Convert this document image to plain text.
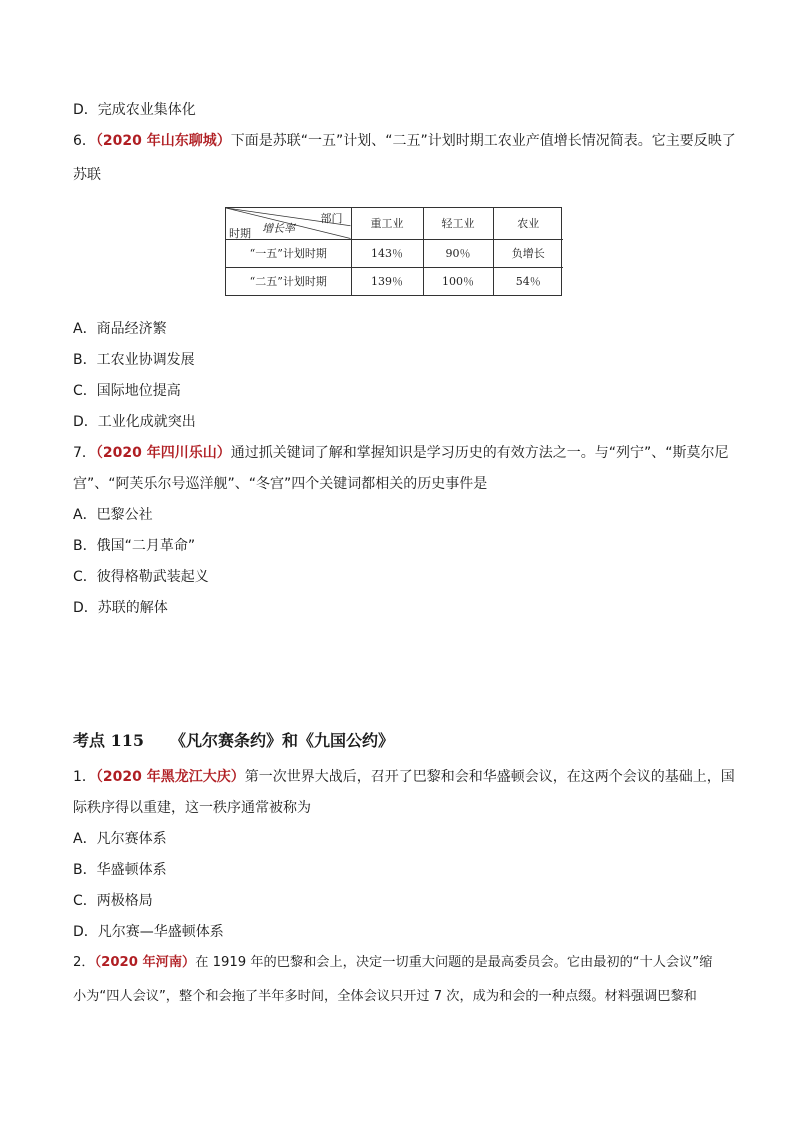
D．完成农业集体化
6．（2020 年山东聊城）下面是苏联“一五”计划、“二五”计划时期工农业产值增长情况简表。它主要反映了
苏联
部门
增长率
时期	重工业	轻工业	农业
“一五”计划时期	143％	90％	负增长
“二五”计划时期	139％	100％	54％
A．商品经济繁
B．工农业协调发展
C．国际地位提高
D．工业化成就突出
7．（2020 年四川乐山）通过抓关键词了解和掌握知识是学习历史的有效方法之一。与“列宁”、“斯莫尔尼
宫”、“阿芙乐尔号巡洋舰”、“冬宫”四个关键词都相关的历史事件是
A．巴黎公社
B．俄国“二月革命”
C．彼得格勒武装起义
D．苏联的解体
考点 115 《凡尔赛条约》和《九国公约》
1．（2020 年黑龙江大庆）第一次世界大战后，召开了巴黎和会和华盛顿会议，在这两个会议的基础上，国
际秩序得以重建，这一秩序通常被称为
A．凡尔赛体系
B．华盛顿体系
C．两极格局
D．凡尔赛—华盛顿体系
2．（2020 年河南）在 1919 年的巴黎和会上，决定一切重大问题的是最高委员会。它由最初的“十人会议”缩
小为“四人会议”，整个和会拖了半年多时间，全体会议只开过 7 次，成为和会的一种点缀。材料强调巴黎和
